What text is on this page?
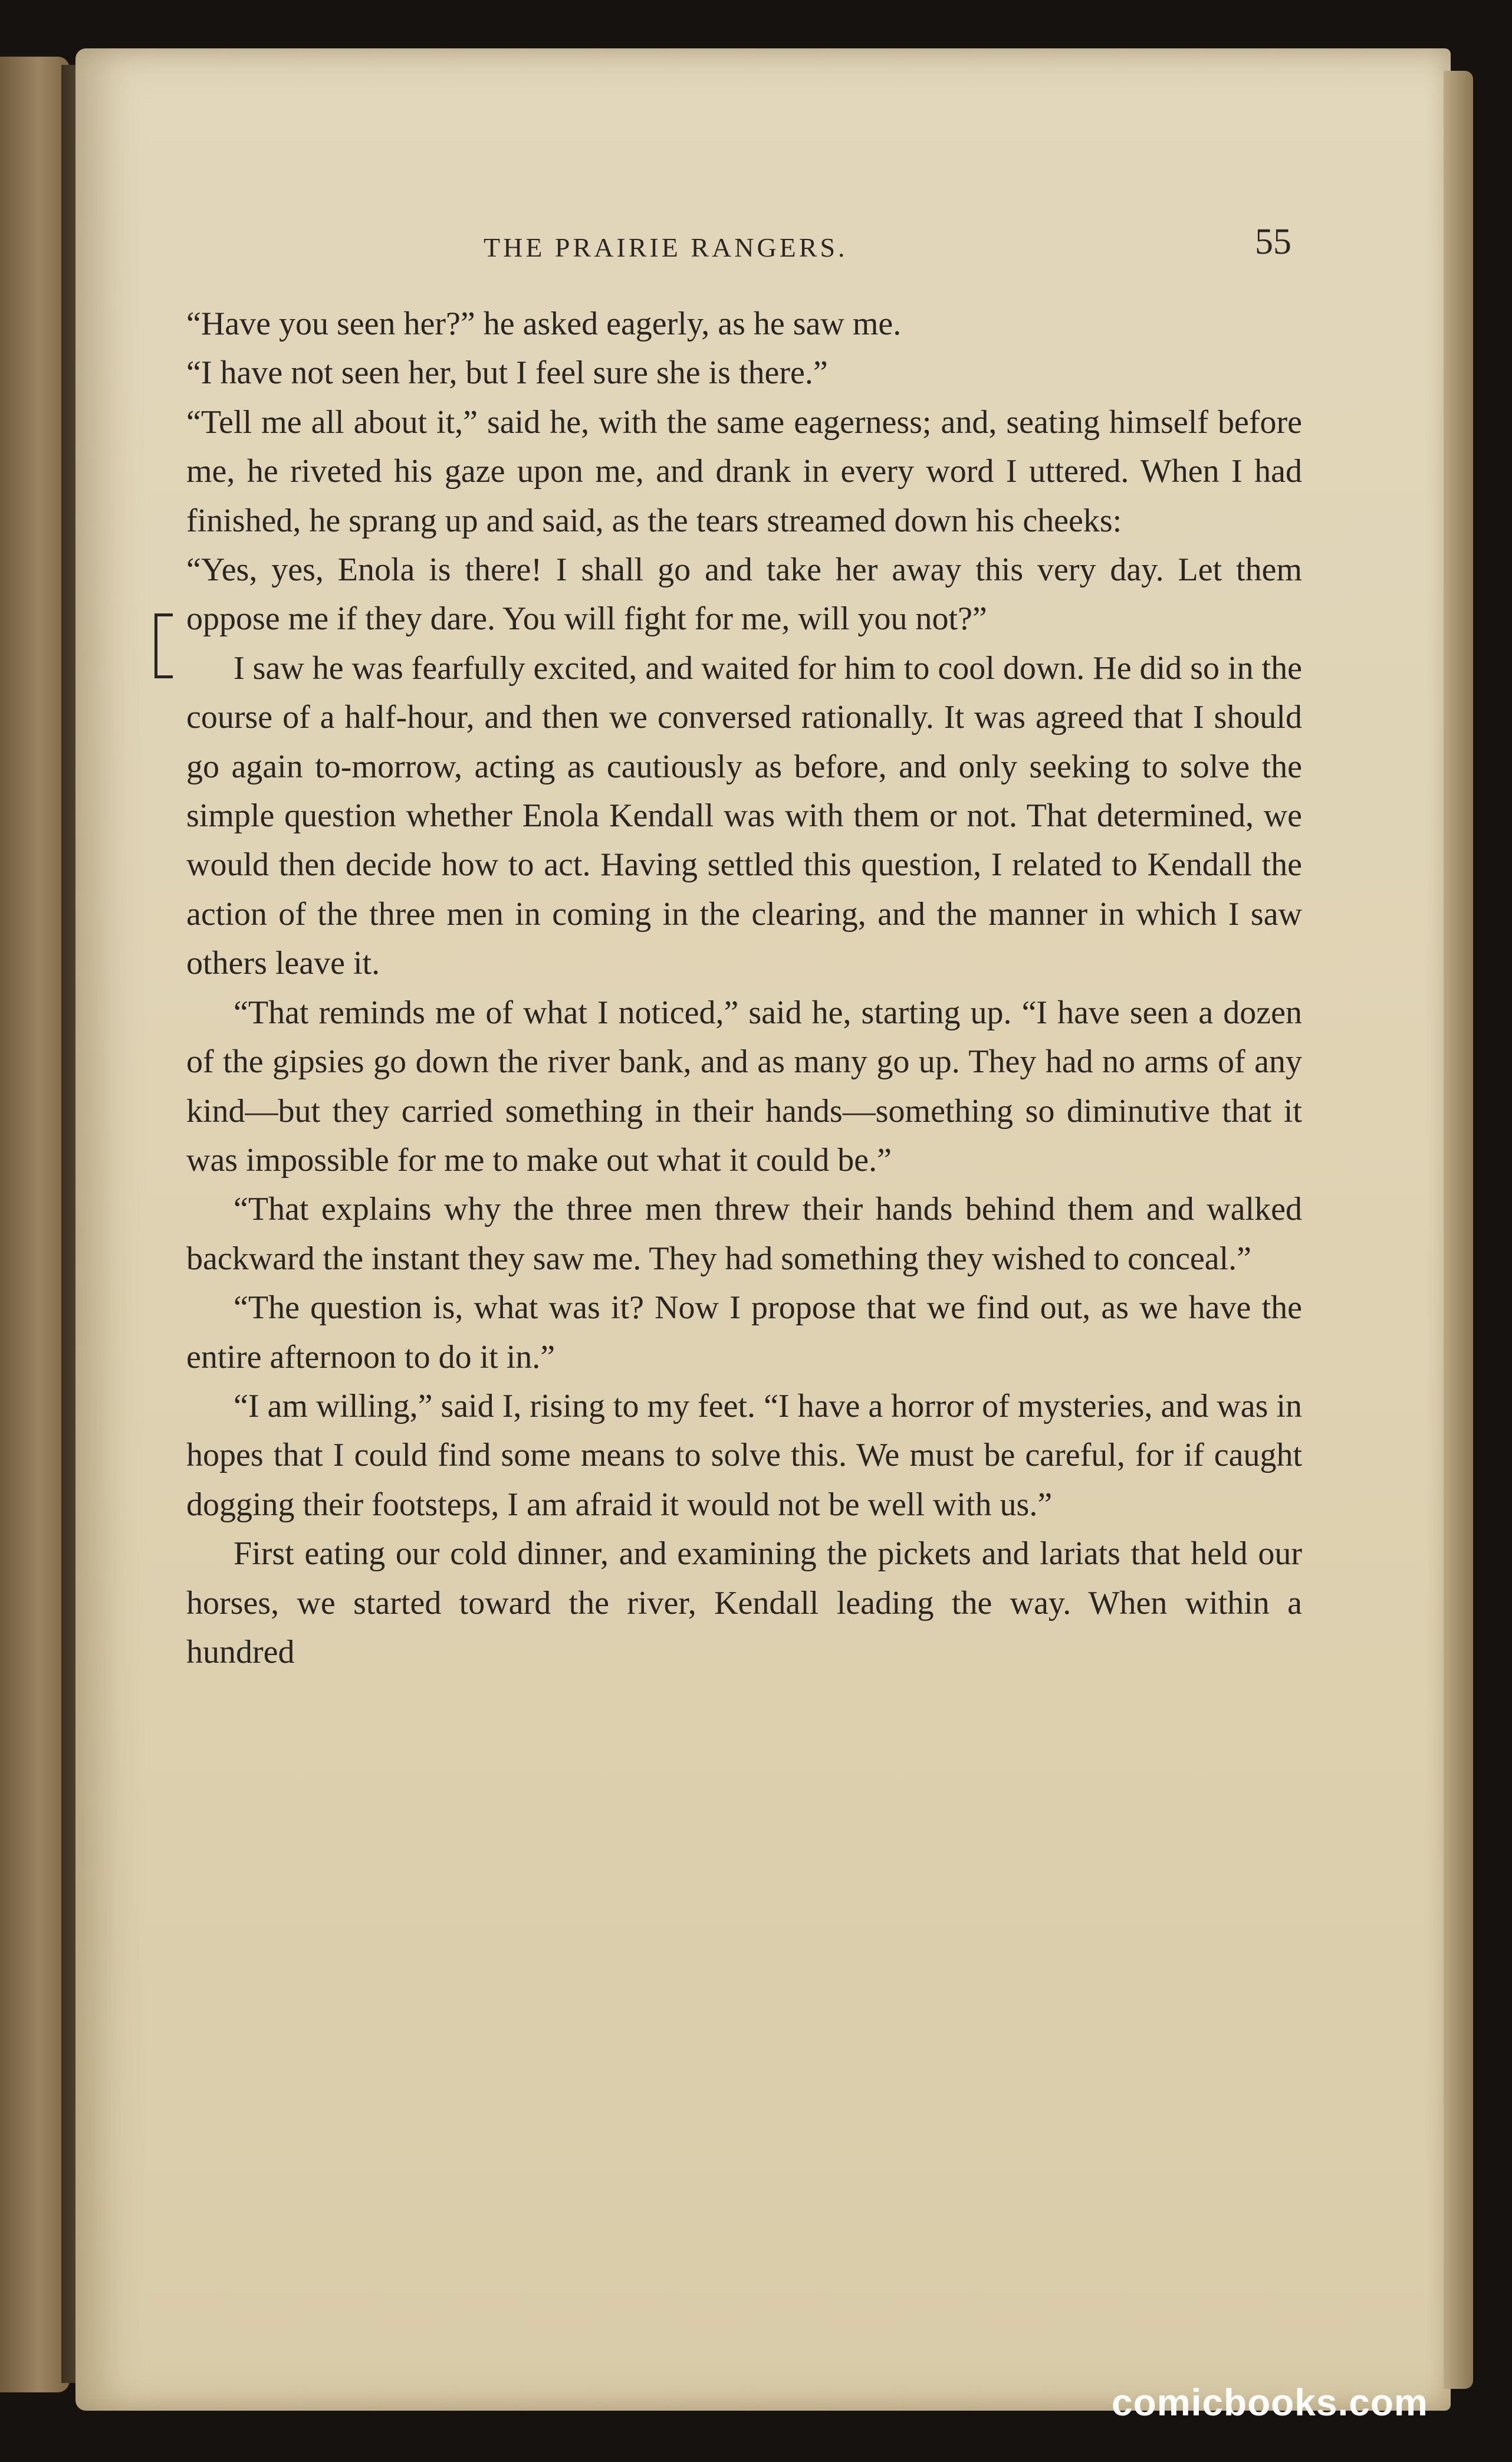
THE PRAIRIE RANGERS.	55

“Have you seen her?” he asked eagerly, as he saw me.

“I have not seen her, but I feel sure she is there.”

“Tell me all about it,” said he, with the same eagerness; and, seating himself before me, he riveted his gaze upon me, and drank in every word I uttered. When I had finished, he sprang up and said, as the tears streamed down his cheeks:

“Yes, yes, Enola is there! I shall go and take her away this very day. Let them oppose me if they dare. You will fight for me, will you not?”

I saw he was fearfully excited, and waited for him to cool down. He did so in the course of a half-hour, and then we conversed rationally. It was agreed that I should go again to-morrow, acting as cautiously as before, and only seeking to solve the simple question whether Enola Kendall was with them or not. That determined, we would then decide how to act. Having settled this question, I related to Kendall the action of the three men in coming in the clearing, and the manner in which I saw others leave it.

“That reminds me of what I noticed,” said he, starting up. “I have seen a dozen of the gipsies go down the river bank, and as many go up. They had no arms of any kind—but they carried something in their hands—something so diminutive that it was impossible for me to make out what it could be.”

“That explains why the three men threw their hands behind them and walked backward the instant they saw me. They had something they wished to conceal.”

“The question is, what was it? Now I propose that we find out, as we have the entire afternoon to do it in.”

“I am willing,” said I, rising to my feet. “I have a horror of mysteries, and was in hopes that I could find some means to solve this. We must be careful, for if caught dogging their footsteps, I am afraid it would not be well with us.”

First eating our cold dinner, and examining the pickets and lariats that held our horses, we started toward the river, Kendall leading the way. When within a hundred

comicbooks.com
